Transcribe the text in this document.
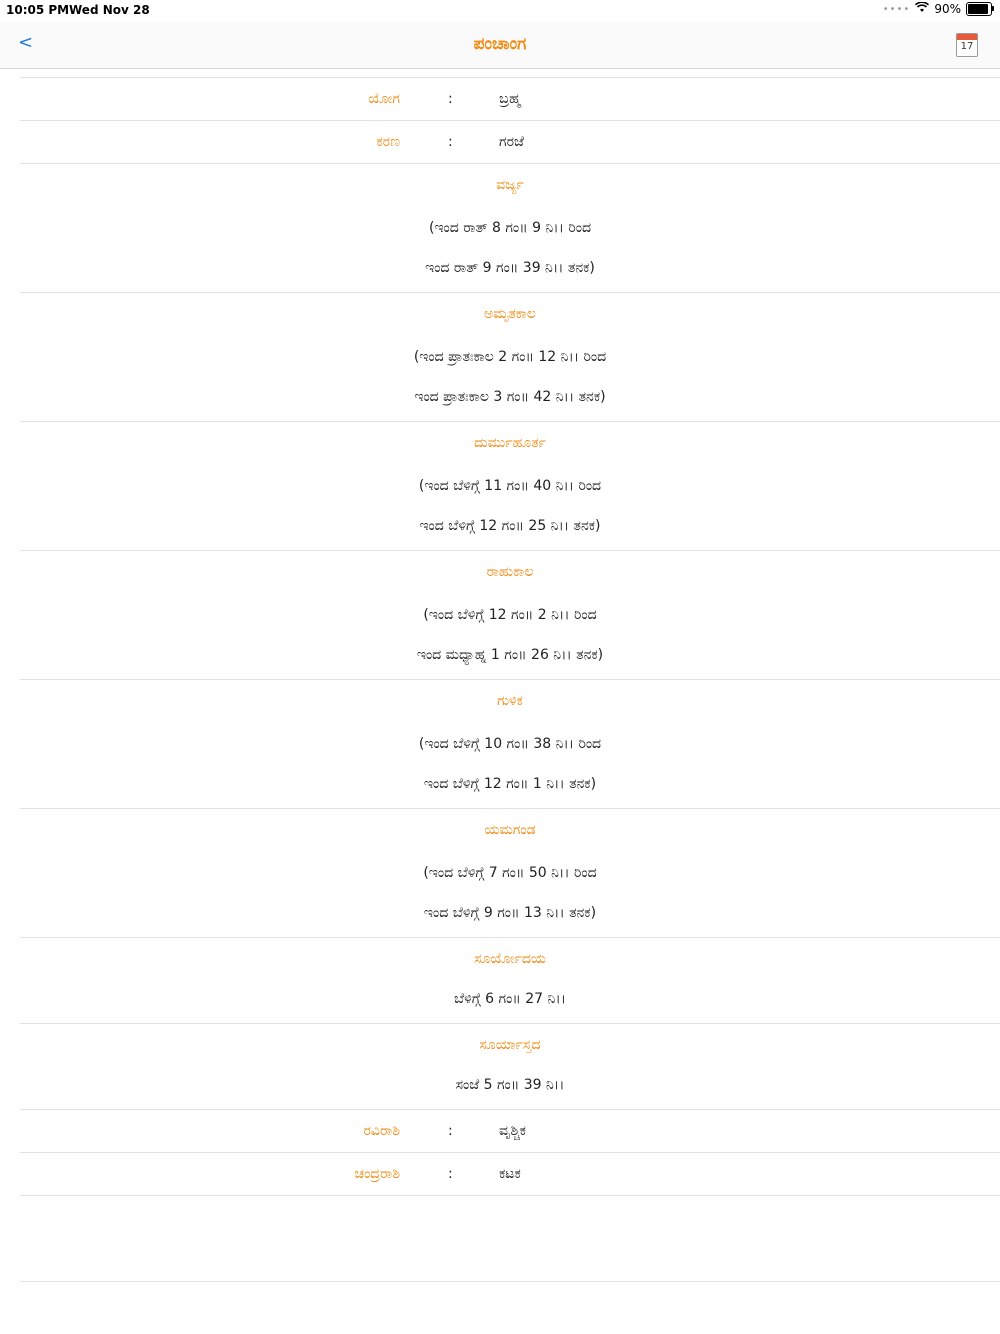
10:05 PM Wed Nov 28	•••• 90%
<	ಪಂಚಾಂಗ	17
ಯೋಗ	:	ಬ್ರಹ್ಮ
ಕರಣ	:	ಗರಜೆ
ವರ್ಜ್ಯ
(ಇಂದ ರಾತ್ 8 ಗಂ॥ 9 ನಿ।। ರಿಂದ
ಇಂದ ರಾತ್ 9 ಗಂ॥ 39 ನಿ।। ತನಕ)
ಅಮೃತಕಾಲ
(ಇಂದ ಪ್ರಾತಃಕಾಲ 2 ಗಂ॥ 12 ನಿ।। ರಿಂದ
ಇಂದ ಪ್ರಾತಃಕಾಲ 3 ಗಂ॥ 42 ನಿ।। ತನಕ)
ದುರ್ಮುಹೂರ್ತ
(ಇಂದ ಬೆಳಿಗ್ಗೆ 11 ಗಂ॥ 40 ನಿ।। ರಿಂದ
ಇಂದ ಬೆಳಿಗ್ಗೆ 12 ಗಂ॥ 25 ನಿ।। ತನಕ)
ರಾಹುಕಾಲ
(ಇಂದ ಬೆಳಿಗ್ಗೆ 12 ಗಂ॥ 2 ನಿ।। ರಿಂದ
ಇಂದ ಮಧ್ಯಾಹ್ನ 1 ಗಂ॥ 26 ನಿ।। ತನಕ)
ಗುಳಿಕ
(ಇಂದ ಬೆಳಿಗ್ಗೆ 10 ಗಂ॥ 38 ನಿ।। ರಿಂದ
ಇಂದ ಬೆಳಿಗ್ಗೆ 12 ಗಂ॥ 1 ನಿ।। ತನಕ)
ಯಮಗಂಡ
(ಇಂದ ಬೆಳಿಗ್ಗೆ 7 ಗಂ॥ 50 ನಿ।। ರಿಂದ
ಇಂದ ಬೆಳಿಗ್ಗೆ 9 ಗಂ॥ 13 ನಿ।। ತನಕ)
ಸೂರ್ಯೋದಯ
ಬೆಳಿಗ್ಗೆ 6 ಗಂ॥ 27 ನಿ।।
ಸೂರ್ಯಾಸ್ತದ
ಸಂಜೆ 5 ಗಂ॥ 39 ನಿ।।
ರವಿರಾಶಿ	:	ವೃಶ್ಚಿಕ
ಚಂದ್ರರಾಶಿ	:	ಕಟಕ
